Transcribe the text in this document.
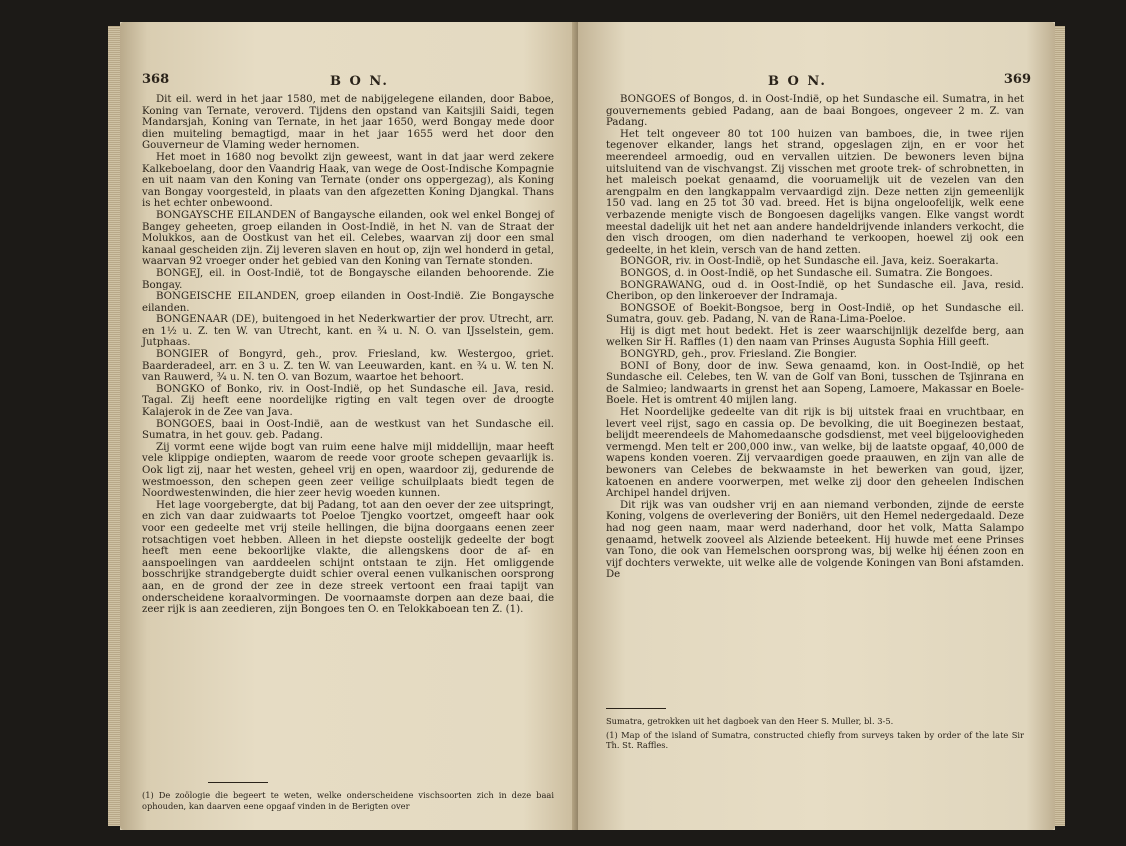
368	B O N.

Dit eil. werd in het jaar 1580, met de nabijgelegene eilanden, door Baboe, Koning van Ternate, veroverd. Tijdens den opstand van Kaitsjili Saidi, tegen Mandarsjah, Koning van Ternate, in het jaar 1650, werd Bongay mede door dien muiteling bemagtigd, maar in het jaar 1655 werd het door den Gouverneur de Vlaming weder hernomen.

Het moet in 1680 nog bevolkt zijn geweest, want in dat jaar werd zekere Kalkeboelang, door den Vaandrig Haak, van wege de Oost-Indische Kompagnie en uit naam van den Koning van Ternate (onder ons oppergezag), als Koning van Bongay voorgesteld, in plaats van den afgezetten Koning Djangkal. Thans is het echter onbewoond.

BONGAYSCHE EILANDEN of Bangaysche eilanden, ook wel enkel Bongej of Bangey geheeten, groep eilanden in Oost-Indië, in het N. van de Straat der Molukkos, aan de Oostkust van het eil. Celebes, waarvan zij door een smal kanaal gescheiden zijn. Zij leveren slaven en hout op, zijn wel honderd in getal, waarvan 92 vroeger onder het gebied van den Koning van Ternate stonden.

BONGEJ, eil. in Oost-Indië, tot de Bongaysche eilanden behoorende. Zie Bongay.

BONGEISCHE EILANDEN, groep eilanden in Oost-Indië. Zie Bongaysche eilanden.

BONGENAAR (DE), buitengoed in het Nederkwartier der prov. Utrecht, arr. en 1½ u. Z. ten W. van Utrecht, kant. en ¾ u. N. O. van IJsselstein, gem. Jutphaas.

BONGIER of Bongyrd, geh., prov. Friesland, kw. Westergoo, griet. Baarderadeel, arr. en 3 u. Z. ten W. van Leeuwarden, kant. en ¾ u. W. ten N. van Rauwerd, ¾ u. N. ten O. van Bozum, waartoe het behoort.

BONGKO of Bonko, riv. in Oost-Indië, op het Sundasche eil. Java, resid. Tagal. Zij heeft eene noordelijke rigting en valt tegen over de droogte Kalajerok in de Zee van Java.

BONGOES, baai in Oost-Indië, aan de westkust van het Sundasche eil. Sumatra, in het gouv. geb. Padang.

Zij vormt eene wijde bogt van ruim eene halve mijl middellijn, maar heeft vele klippige ondiepten, waarom de reede voor groote schepen gevaarlijk is. Ook ligt zij, naar het westen, geheel vrij en open, waardoor zij, gedurende de westmoesson, den schepen geen zeer veilige schuilplaats biedt tegen de Noordwestenwinden, die hier zeer hevig woeden kunnen.

Het lage voorgebergte, dat bij Padang, tot aan den oever der zee uitspringt, en zich van daar zuidwaarts tot Poeloe Tjengko voortzet, omgeeft haar ook voor een gedeelte met vrij steile hellingen, die bijna doorgaans eenen zeer rotsachtigen voet hebben. Alleen in het diepste oostelijk gedeelte der bogt heeft men eene bekoorlijke vlakte, die allengskens door de af- en aanspoelingen van aarddeelen schijnt ontstaan te zijn. Het omliggende bosschrijke strandgebergte duidt schier overal eenen vulkanischen oorsprong aan, en de grond der zee in deze streek vertoont een fraai tapijt van onderscheidene koraalvormingen. De voornaamste dorpen aan deze baai, die zeer rijk is aan zeedieren, zijn Bongoes ten O. en Telokkaboean ten Z. (1).

(1) De zoölogie die begeert te weten, welke onderscheidene vischsoorten zich in deze baai ophouden, kan daarven eene opgaaf vinden in de Berigten over

B O N.	369

BONGOES of Bongos, d. in Oost-Indië, op het Sundasche eil. Sumatra, in het gouvernements gebied Padang, aan de baai Bongoes, ongeveer 2 m. Z. van Padang.

Het telt ongeveer 80 tot 100 huizen van bamboes, die, in twee rijen tegenover elkander, langs het strand, opgeslagen zijn, en er voor het meerendeel armoedig, oud en vervallen uitzien. De bewoners leven bijna uitsluitend van de vischvangst. Zij visschen met groote trek- of schrobnetten, in het maleisch poekat genaamd, die vooruamelijk uit de vezelen van den arengpalm en den langkappalm vervaardigd zijn. Deze netten zijn gemeenlijk 150 vad. lang en 25 tot 30 vad. breed. Het is bijna ongeloofelijk, welk eene verbazende menigte visch de Bongoesen dagelijks vangen. Elke vangst wordt meestal dadelijk uit het net aan andere handeldrijvende inlanders verkocht, die den visch droogen, om dien naderhand te verkoopen, hoewel zij ook een gedeelte, in het klein, versch van de hand zetten.

BONGOR, riv. in Oost-Indië, op het Sundasche eil. Java, keiz. Soerakarta.

BONGOS, d. in Oost-Indië, op het Sundasche eil. Sumatra. Zie Bongoes.

BONGRAWANG, oud d. in Oost-Indië, op het Sundasche eil. Java, resid. Cheribon, op den linkeroever der Indramaja.

BONGSOE of Boekit-Bongsoe, berg in Oost-Indië, op het Sundasche eil. Sumatra, gouv. geb. Padang, N. van de Rana-Lima-Poeloe.

Hij is digt met hout bedekt. Het is zeer waarschijnlijk dezelfde berg, aan welken Sir H. Raffles (1) den naam van Prinses Augusta Sophia Hill geeft.

BONGYRD, geh., prov. Friesland. Zie Bongier.

BONI of Bony, door de inw. Sewa genaamd, kon. in Oost-Indië, op het Sundasche eil. Celebes, ten W. van de Golf van Boni, tusschen de Tsjinrana en de Salmieo; landwaarts in grenst het aan Sopeng, Lamoere, Makassar en Boele-Boele. Het is omtrent 40 mijlen lang.

Het Noordelijke gedeelte van dit rijk is bij uitstek fraai en vruchtbaar, en levert veel rijst, sago en cassia op. De bevolking, die uit Boeginezen bestaat, belijdt meerendeels de Mahomedaansche godsdienst, met veel bijgeloovigheden vermengd. Men telt er 200,000 inw., van welke, bij de laatste opgaaf, 40,000 de wapens konden voeren. Zij vervaardigen goede praauwen, en zijn van alle de bewoners van Celebes de bekwaamste in het bewerken van goud, ijzer, katoenen en andere voorwerpen, met welke zij door den geheelen Indischen Archipel handel drijven.

Dit rijk was van oudsher vrij en aan niemand verbonden, zijnde de eerste Koning, volgens de overlevering der Boniërs, uit den Hemel nedergedaald. Deze had nog geen naam, maar werd naderhand, door het volk, Matta Salampo genaamd, hetwelk zooveel als Alziende beteekent. Hij huwde met eene Prinses van Tono, die ook van Hemelschen oorsprong was, bij welke hij éénen zoon en vijf dochters verwekte, uit welke alle de volgende Koningen van Boni afstamden. De

Sumatra, getrokken uit het dagboek van den Heer S. Muller, bl. 3-5.

(1) Map of the island of Sumatra, constructed chiefly from surveys taken by order of the late Sir Th. St. Raffles.
